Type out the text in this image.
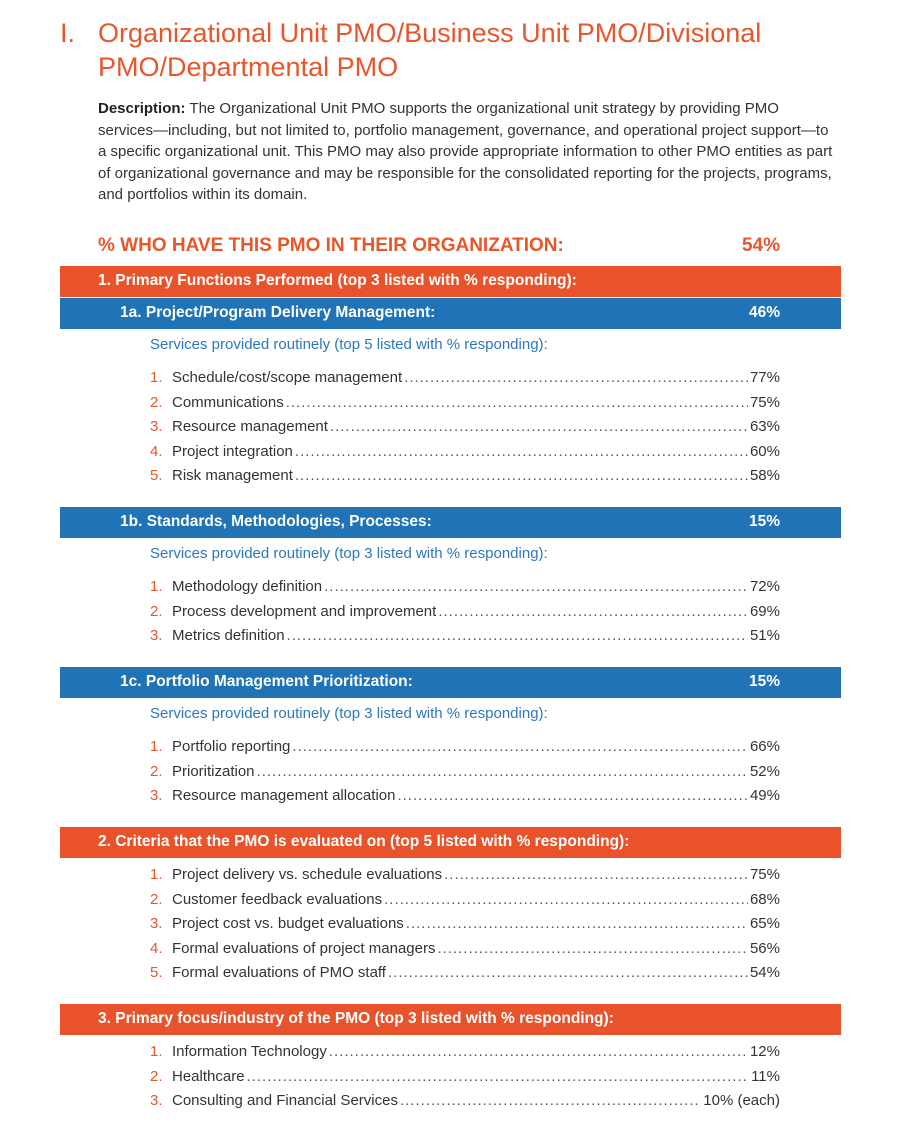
I. Organizational Unit PMO/Business Unit PMO/Divisional PMO/Departmental PMO

Description: The Organizational Unit PMO supports the organizational unit strategy by providing PMO services—including, but not limited to, portfolio management, governance, and operational project support—to a specific organizational unit. This PMO may also provide appropriate information to other PMO entities as part of organizational governance and may be responsible for the consolidated reporting for the projects, programs, and portfolios within its domain.

% WHO HAVE THIS PMO IN THEIR ORGANIZATION:	54%
1. Primary Functions Performed (top 3 listed with % responding):
1a. Project/Program Delivery Management:	46%
Services provided routinely (top 5 listed with % responding):
1. Schedule/cost/scope management .....	77%
2. Communications .....	75%
3. Resource management .....	63%
4. Project integration .....	60%
5. Risk management .....	58%
1b. Standards, Methodologies, Processes:	15%
Services provided routinely (top 3 listed with % responding):
1. Methodology definition .....	72%
2. Process development and improvement .....	69%
3. Metrics definition .....	51%
1c. Portfolio Management Prioritization:	15%
Services provided routinely (top 3 listed with % responding):
1. Portfolio reporting .....	66%
2. Prioritization .....	52%
3. Resource management allocation .....	49%
2. Criteria that the PMO is evaluated on (top 5 listed with % responding):
1. Project delivery vs. schedule evaluations .....	75%
2. Customer feedback evaluations .....	68%
3. Project cost vs. budget evaluations .....	65%
4. Formal evaluations of project managers .....	56%
5. Formal evaluations of PMO staff .....	54%
3. Primary focus/industry of the PMO (top 3 listed with % responding):
1. Information Technology .....	12%
2. Healthcare .....	11%
3. Consulting and Financial Services .....	10% (each)
